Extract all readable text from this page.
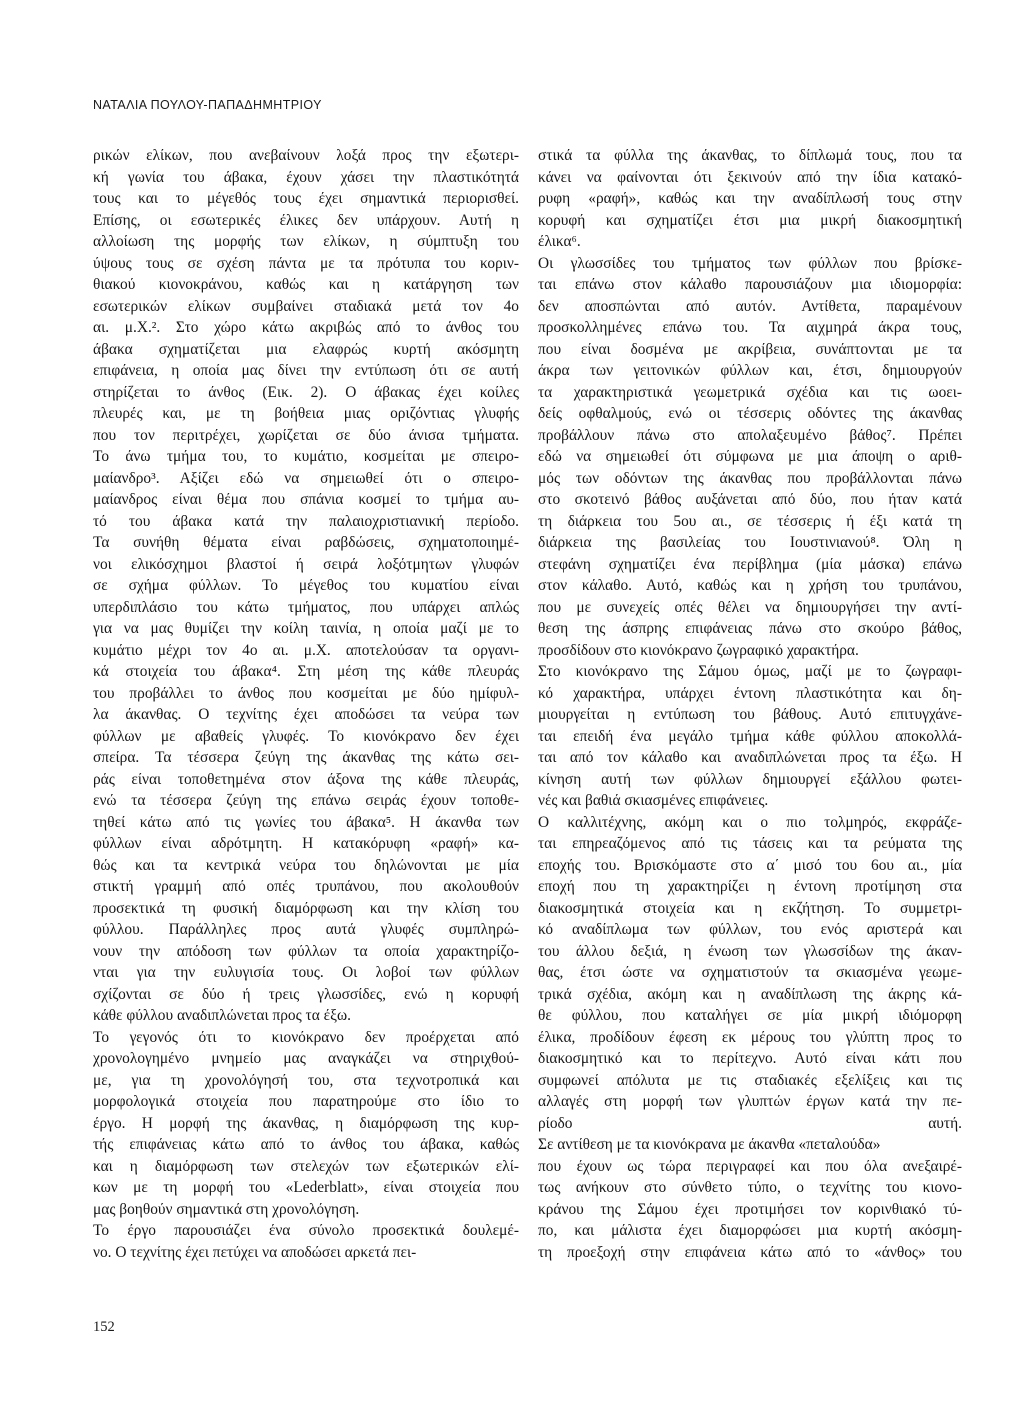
ΝΑΤΑΛΙΑ ΠΟΥΛΟΥ-ΠΑΠΑΔΗΜΗΤΡΙΟΥ

ρικών ελίκων, που ανεβαίνουν λοξά προς την εξωτερι-

κή γωνία του άβακα, έχουν χάσει την πλαστικότητά

τους και το μέγεθός τους έχει σημαντικά περιορισθεί.

Επίσης, οι εσωτερικές έλικες δεν υπάρχουν. Αυτή η

αλλοίωση της μορφής των ελίκων, η σύμπτυξη του

ύψους τους σε σχέση πάντα με τα πρότυπα του κοριν-

θιακού κιονοκράνου, καθώς και η κατάργηση των

εσωτερικών ελίκων συμβαίνει σταδιακά μετά τον 4ο

αι. μ.Χ.². Στο χώρο κάτω ακριβώς από το άνθος του

άβακα σχηματίζεται μια ελαφρώς κυρτή ακόσμητη

επιφάνεια, η οποία μας δίνει την εντύπωση ότι σε αυτή

στηρίζεται το άνθος (Εικ. 2). Ο άβακας έχει κοίλες

πλευρές και, με τη βοήθεια μιας οριζόντιας γλυφής

που τον περιτρέχει, χωρίζεται σε δύο άνισα τμήματα.

Το άνω τμήμα του, το κυμάτιο, κοσμείται με σπειρο-

μαίανδρο³. Αξίζει εδώ να σημειωθεί ότι ο σπειρο-

μαίανδρος είναι θέμα που σπάνια κοσμεί το τμήμα αυ-

τό του άβακα κατά την παλαιοχριστιανική περίοδο.

Τα συνήθη θέματα είναι ραβδώσεις, σχηματοποιημέ-

νοι ελικόσχημοι βλαστοί ή σειρά λοξότμητων γλυφών

σε σχήμα φύλλων. Το μέγεθος του κυματίου είναι

υπερδιπλάσιο του κάτω τμήματος, που υπάρχει απλώς

για να μας θυμίζει την κοίλη ταινία, η οποία μαζί με το

κυμάτιο μέχρι τον 4ο αι. μ.Χ. αποτελούσαν τα οργανι-

κά στοιχεία του άβακα⁴. Στη μέση της κάθε πλευράς

του προβάλλει το άνθος που κοσμείται με δύο ημίφυλ-

λα άκανθας. Ο τεχνίτης έχει αποδώσει τα νεύρα των

φύλλων με αβαθείς γλυφές. Το κιονόκρανο δεν έχει

σπείρα. Τα τέσσερα ζεύγη της άκανθας της κάτω σει-

ράς είναι τοποθετημένα στον άξονα της κάθε πλευράς,

ενώ τα τέσσερα ζεύγη της επάνω σειράς έχουν τοποθε-

τηθεί κάτω από τις γωνίες του άβακα⁵. Η άκανθα των

φύλλων είναι αδρότμητη. Η κατακόρυφη «ραφή» κα-

θώς και τα κεντρικά νεύρα του δηλώνονται με μία

στικτή γραμμή από οπές τρυπάνου, που ακολουθούν

προσεκτικά τη φυσική διαμόρφωση και την κλίση του

φύλλου. Παράλληλες προς αυτά γλυφές συμπληρώ-

νουν την απόδοση των φύλλων τα οποία χαρακτηρίζο-

νται για την ευλυγισία τους. Οι λοβοί των φύλλων

σχίζονται σε δύο ή τρεις γλωσσίδες, ενώ η κορυφή

κάθε φύλλου αναδιπλώνεται προς τα έξω.

Το γεγονός ότι το κιονόκρανο δεν προέρχεται από

χρονολογημένο μνημείο μας αναγκάζει να στηριχθού-

με, για τη χρονολόγησή του, στα τεχνοτροπικά και

μορφολογικά στοιχεία που παρατηρούμε στο ίδιο το

έργο. Η μορφή της άκανθας, η διαμόρφωση της κυρ-

τής επιφάνειας κάτω από το άνθος του άβακα, καθώς

και η διαμόρφωση των στελεχών των εξωτερικών ελί-

κων με τη μορφή του «Lederblatt», είναι στοιχεία που

μας βοηθούν σημαντικά στη χρονολόγηση.

Το έργο παρουσιάζει ένα σύνολο προσεκτικά δουλεμέ-

νο. Ο τεχνίτης έχει πετύχει να αποδώσει αρκετά πει-

στικά τα φύλλα της άκανθας, το δίπλωμά τους, που τα

κάνει να φαίνονται ότι ξεκινούν από την ίδια κατακό-

ρυφη «ραφή», καθώς και την αναδίπλωσή τους στην

κορυφή και σχηματίζει έτσι μια μικρή διακοσμητική

έλικα⁶.

Οι γλωσσίδες του τμήματος των φύλλων που βρίσκε-

ται επάνω στον κάλαθο παρουσιάζουν μια ιδιομορφία:

δεν αποσπώνται από αυτόν. Αντίθετα, παραμένουν

προσκολλημένες επάνω του. Τα αιχμηρά άκρα τους,

που είναι δοσμένα με ακρίβεια, συνάπτονται με τα

άκρα των γειτονικών φύλλων και, έτσι, δημιουργούν

τα χαρακτηριστικά γεωμετρικά σχέδια και τις ωοει-

δείς οφθαλμούς, ενώ οι τέσσερις οδόντες της άκανθας

προβάλλουν πάνω στο απολαξευμένο βάθος⁷. Πρέπει

εδώ να σημειωθεί ότι σύμφωνα με μια άποψη ο αριθ-

μός των οδόντων της άκανθας που προβάλλονται πάνω

στο σκοτεινό βάθος αυξάνεται από δύο, που ήταν κατά

τη διάρκεια του 5ου αι., σε τέσσερις ή έξι κατά τη

διάρκεια της βασιλείας του Ιουστινιανού⁸. Όλη η

στεφάνη σχηματίζει ένα περίβλημα (μία μάσκα) επάνω

στον κάλαθο. Αυτό, καθώς και η χρήση του τρυπάνου,

που με συνεχείς οπές θέλει να δημιουργήσει την αντί-

θεση της άσπρης επιφάνειας πάνω στο σκούρο βάθος,

προσδίδουν στο κιονόκρανο ζωγραφικό χαρακτήρα.

Στο κιονόκρανο της Σάμου όμως, μαζί με το ζωγραφι-

κό χαρακτήρα, υπάρχει έντονη πλαστικότητα και δη-

μιουργείται η εντύπωση του βάθους. Αυτό επιτυγχάνε-

ται επειδή ένα μεγάλο τμήμα κάθε φύλλου αποκολλά-

ται από τον κάλαθο και αναδιπλώνεται προς τα έξω. Η

κίνηση αυτή των φύλλων δημιουργεί εξάλλου φωτει-

νές και βαθιά σκιασμένες επιφάνειες.

Ο καλλιτέχνης, ακόμη και ο πιο τολμηρός, εκφράζε-

ται επηρεαζόμενος από τις τάσεις και τα ρεύματα της

εποχής του. Βρισκόμαστε στο α΄ μισό του 6ου αι., μία

εποχή που τη χαρακτηρίζει η έντονη προτίμηση στα

διακοσμητικά στοιχεία και η εκζήτηση. Το συμμετρι-

κό αναδίπλωμα των φύλλων, του ενός αριστερά και

του άλλου δεξιά, η ένωση των γλωσσίδων της άκαν-

θας, έτσι ώστε να σχηματιστούν τα σκιασμένα γεωμε-

τρικά σχέδια, ακόμη και η αναδίπλωση της άκρης κά-

θε φύλλου, που καταλήγει σε μία μικρή ιδιόμορφη

έλικα, προδίδουν έφεση εκ μέρους του γλύπτη προς το

διακοσμητικό και το περίτεχνο. Αυτό είναι κάτι που

συμφωνεί απόλυτα με τις σταδιακές εξελίξεις και τις

αλλαγές στη μορφή των γλυπτών έργων κατά την πε-

ρίοδο αυτή.

Σε αντίθεση με τα κιονόκρανα με άκανθα «πεταλούδα»

που έχουν ως τώρα περιγραφεί και που όλα ανεξαιρέ-

τως ανήκουν στο σύνθετο τύπο, ο τεχνίτης του κιονο-

κράνου της Σάμου έχει προτιμήσει τον κορινθιακό τύ-

πο, και μάλιστα έχει διαμορφώσει μια κυρτή ακόσμη-

τη προεξοχή στην επιφάνεια κάτω από το «άνθος» του

152
